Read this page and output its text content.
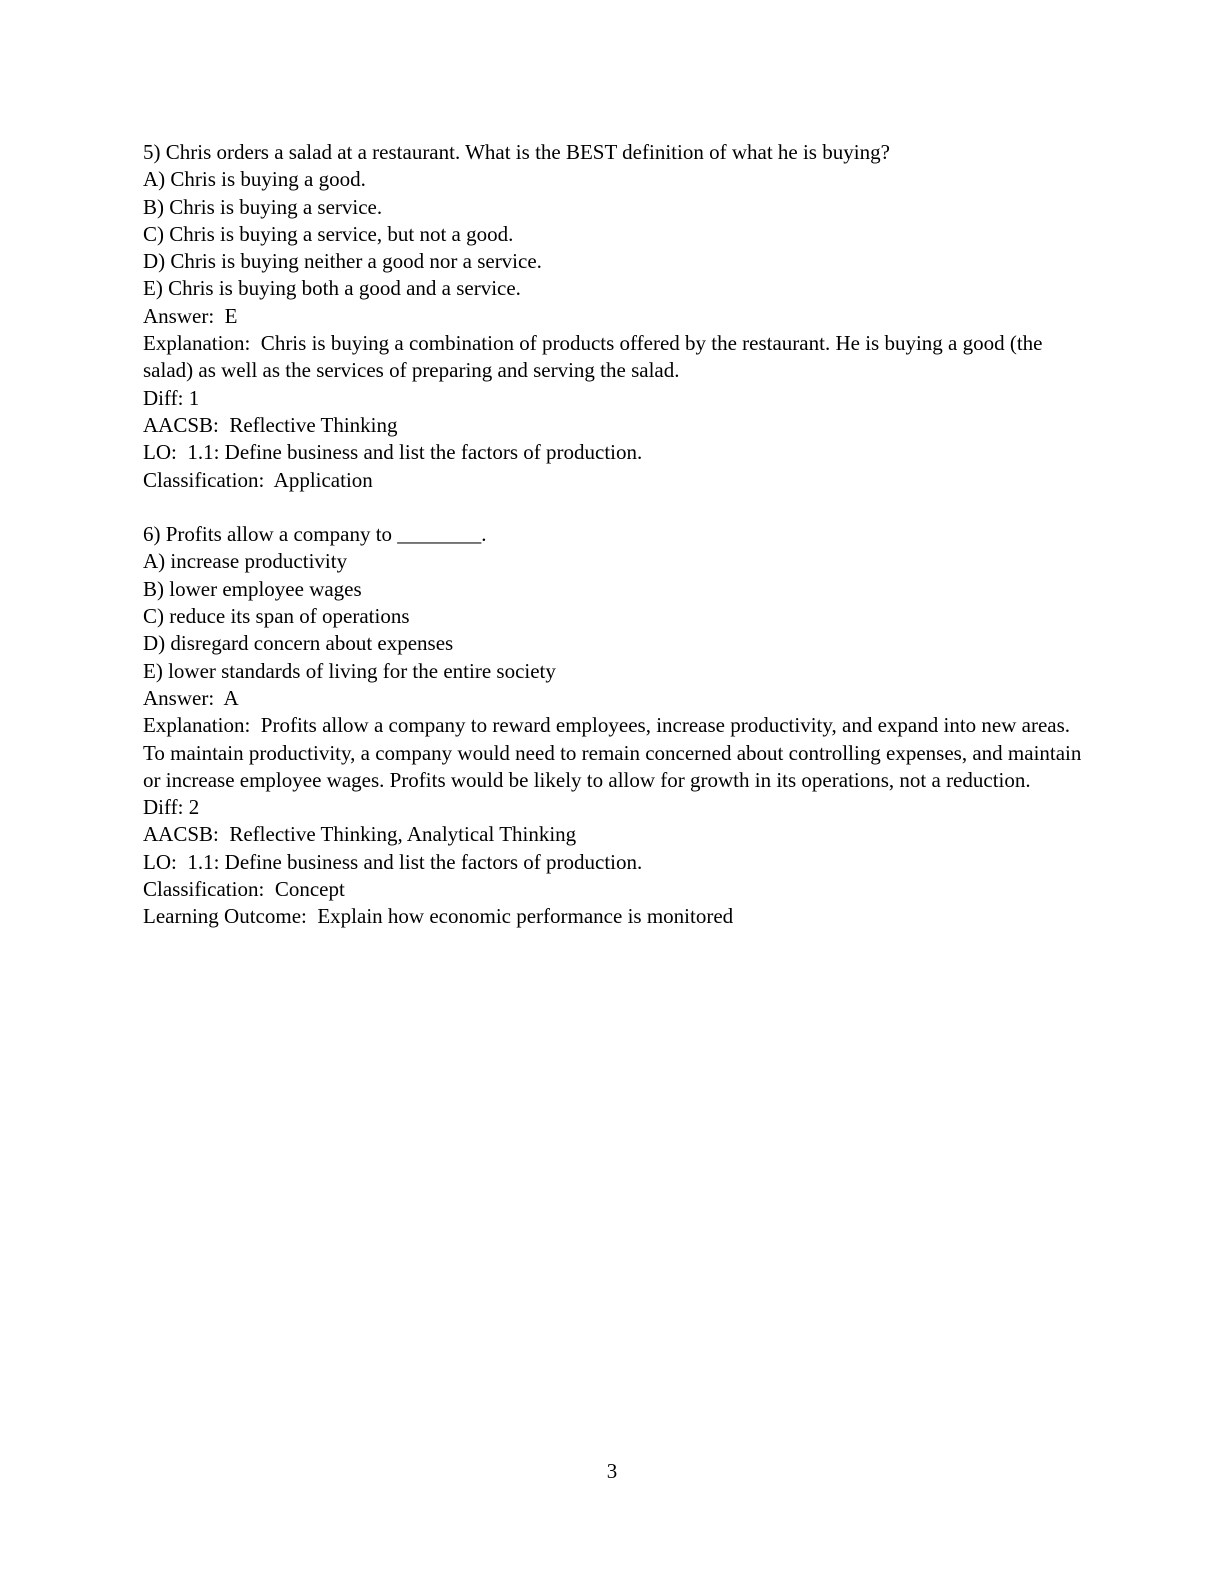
5) Chris orders a salad at a restaurant. What is the BEST definition of what he is buying?

A) Chris is buying a good.

B) Chris is buying a service.

C) Chris is buying a service, but not a good.

D) Chris is buying neither a good nor a service.

E) Chris is buying both a good and a service.

Answer:  E

Explanation:  Chris is buying a combination of products offered by the restaurant. He is buying a good (the salad) as well as the services of preparing and serving the salad.

Diff: 1

AACSB:  Reflective Thinking

LO:  1.1: Define business and list the factors of production.

Classification:  Application

6) Profits allow a company to ________.

A) increase productivity

B) lower employee wages

C) reduce its span of operations

D) disregard concern about expenses

E) lower standards of living for the entire society

Answer:  A

Explanation:  Profits allow a company to reward employees, increase productivity, and expand into new areas. To maintain productivity, a company would need to remain concerned about controlling expenses, and maintain or increase employee wages. Profits would be likely to allow for growth in its operations, not a reduction.

Diff: 2

AACSB:  Reflective Thinking, Analytical Thinking

LO:  1.1: Define business and list the factors of production.

Classification:  Concept

Learning Outcome:  Explain how economic performance is monitored

3
